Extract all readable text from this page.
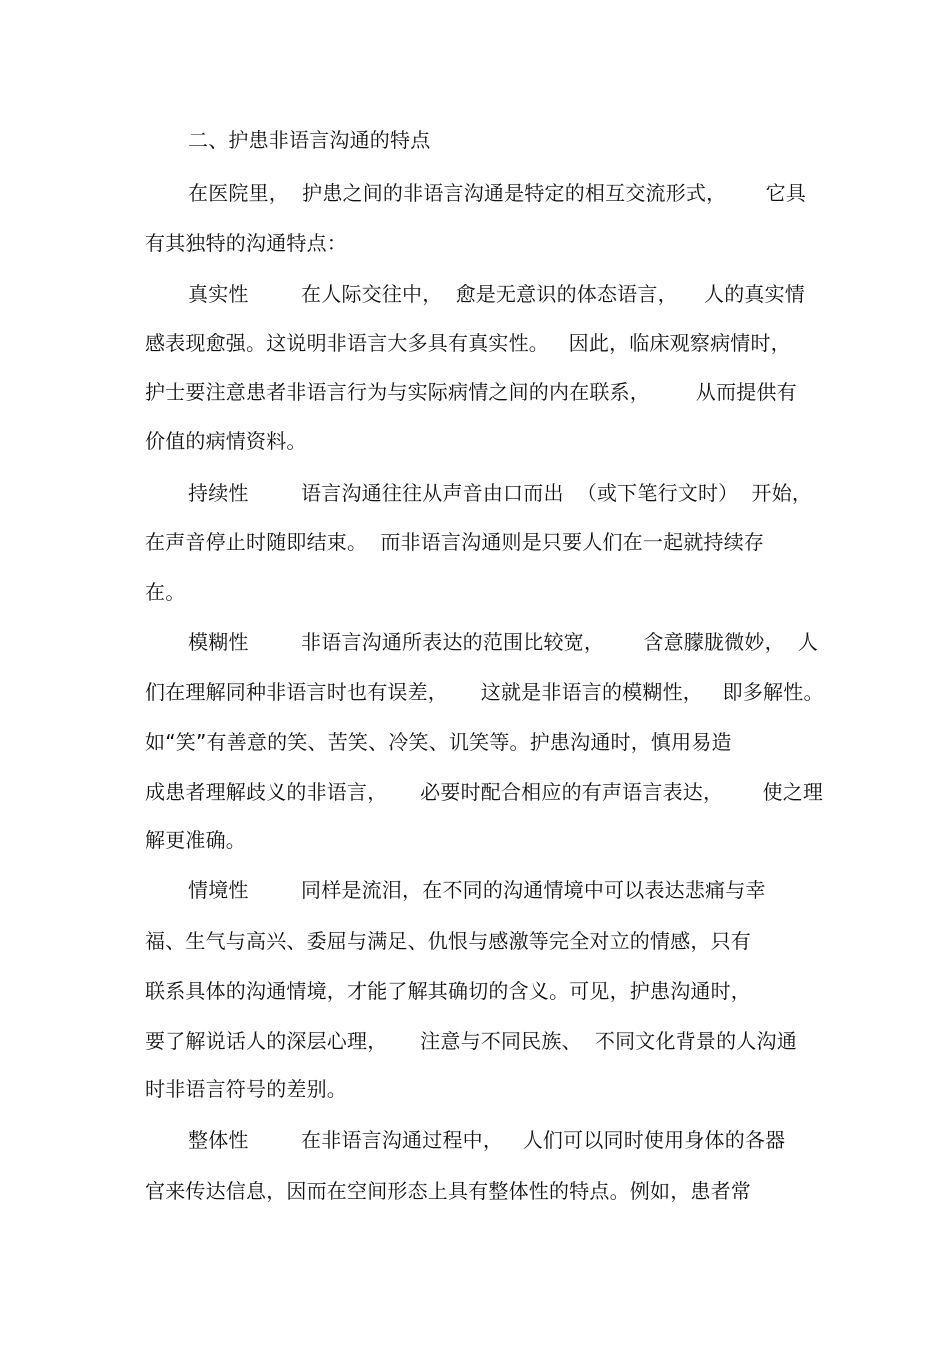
二、护患非语言沟通的特点
在医院里，  护患之间的非语言沟通是特定的相互交流形式，      它具
有其独特的沟通特点：
真实性        在人际交往中，  愈是无意识的体态语言，    人的真实情
感表现愈强。这说明非语言大多具有真实性。   因此，临床观察病情时，
护士要注意患者非语言行为与实际病情之间的内在联系，       从而提供有
价值的病情资料。
持续性        语言沟通往往从声音由口而出  （或下笔行文时）  开始，
在声音停止时随即结束。  而非语言沟通则是只要人们在一起就持续存
在。
模糊性        非语言沟通所表达的范围比较宽，      含意朦胧微妙，  人
们在理解同种非语言时也有误差，     这就是非语言的模糊性，   即多解性。
如“笑”有善意的笑、苦笑、冷笑、讥笑等。护患沟通时，慎用易造
成患者理解歧义的非语言，     必要时配合相应的有声语言表达，      使之理
解更准确。
情境性        同样是流泪，在不同的沟通情境中可以表达悲痛与幸
福、生气与高兴、委屈与满足、仇恨与感激等完全对立的情感，只有
联系具体的沟通情境，才能了解其确切的含义。可见，护患沟通时，
要了解说话人的深层心理，     注意与不同民族、  不同文化背景的人沟通
时非语言符号的差别。
整体性        在非语言沟通过程中，   人们可以同时使用身体的各器
官来传达信息，因而在空间形态上具有整体性的特点。例如，患者常
